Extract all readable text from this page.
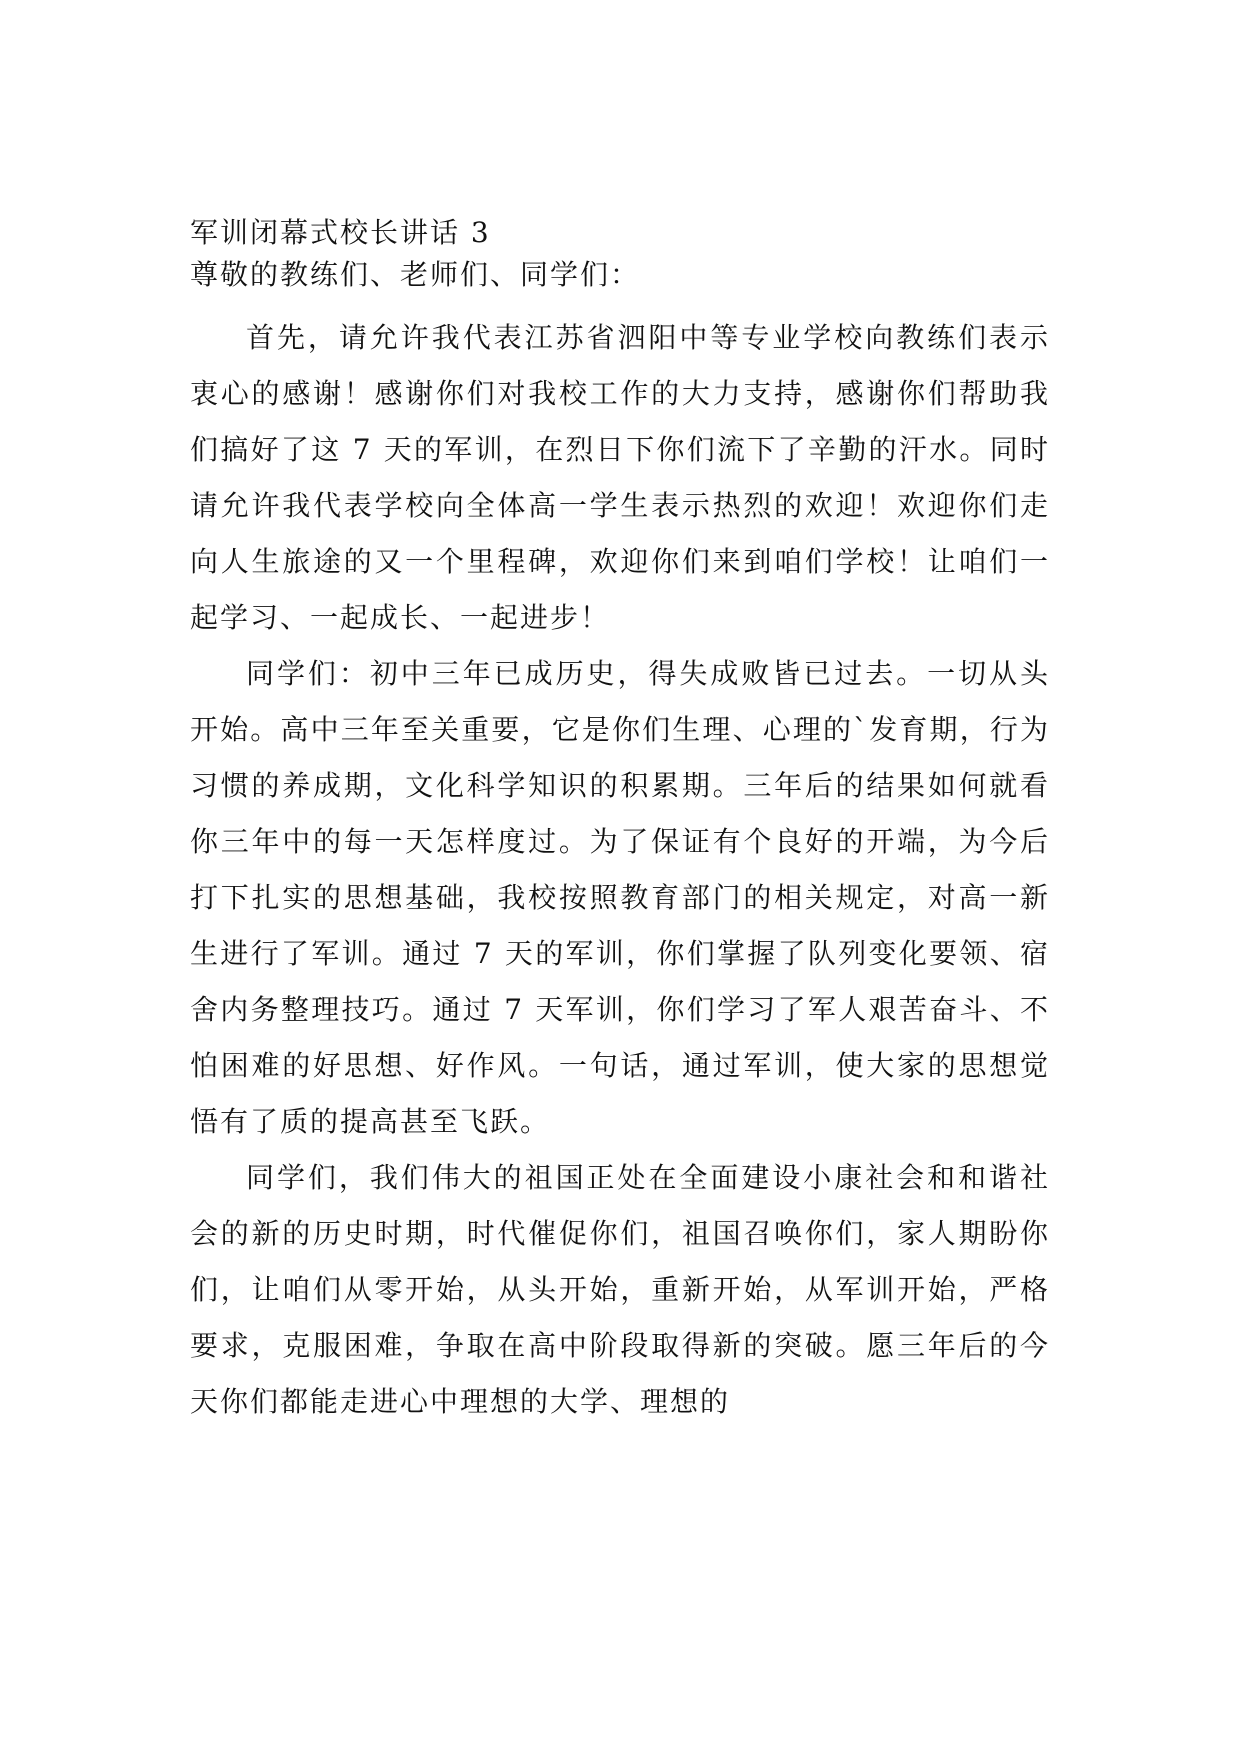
军训闭幕式校长讲话 3

尊敬的教练们、老师们、同学们：

首先，请允许我代表江苏省泗阳中等专业学校向教练们表示衷心的感谢！感谢你们对我校工作的大力支持，感谢你们帮助我们搞好了这 7 天的军训，在烈日下你们流下了辛勤的汗水。同时请允许我代表学校向全体高一学生表示热烈的欢迎！欢迎你们走向人生旅途的又一个里程碑，欢迎你们来到咱们学校！让咱们一起学习、一起成长、一起进步！

同学们：初中三年已成历史，得失成败皆已过去。一切从头开始。高中三年至关重要，它是你们生理、心理的`发育期，行为习惯的养成期，文化科学知识的积累期。三年后的结果如何就看你三年中的每一天怎样度过。为了保证有个良好的开端，为今后打下扎实的思想基础，我校按照教育部门的相关规定，对高一新生进行了军训。通过 7 天的军训，你们掌握了队列变化要领、宿舍内务整理技巧。通过 7 天军训，你们学习了军人艰苦奋斗、不怕困难的好思想、好作风。一句话，通过军训，使大家的思想觉悟有了质的提高甚至飞跃。

同学们，我们伟大的祖国正处在全面建设小康社会和和谐社会的新的历史时期，时代催促你们，祖国召唤你们，家人期盼你们，让咱们从零开始，从头开始，重新开始，从军训开始，严格要求，克服困难，争取在高中阶段取得新的突破。愿三年后的今天你们都能走进心中理想的大学、理想的
